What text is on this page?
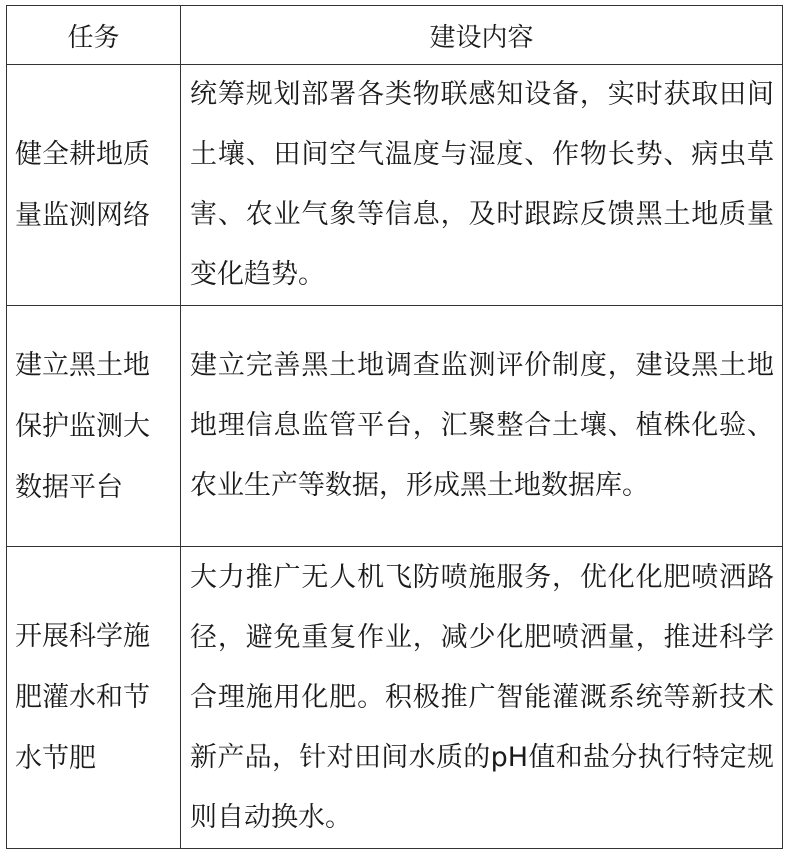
任务	建设内容
健全耕地质量监测网络	统筹规划部署各类物联感知设备，实时获取田间土壤、田间空气温度与湿度、作物长势、病虫草害、农业气象等信息，及时跟踪反馈黑土地质量变化趋势。
建立黑土地保护监测大数据平台	建立完善黑土地调查监测评价制度，建设黑土地地理信息监管平台，汇聚整合土壤、植株化验、农业生产等数据，形成黑土地数据库。
开展科学施肥灌水和节水节肥	大力推广无人机飞防喷施服务，优化化肥喷洒路径，避免重复作业，减少化肥喷洒量，推进科学合理施用化肥。积极推广智能灌溉系统等新技术新产品，针对田间水质的pH值和盐分执行特定规则自动换水。
